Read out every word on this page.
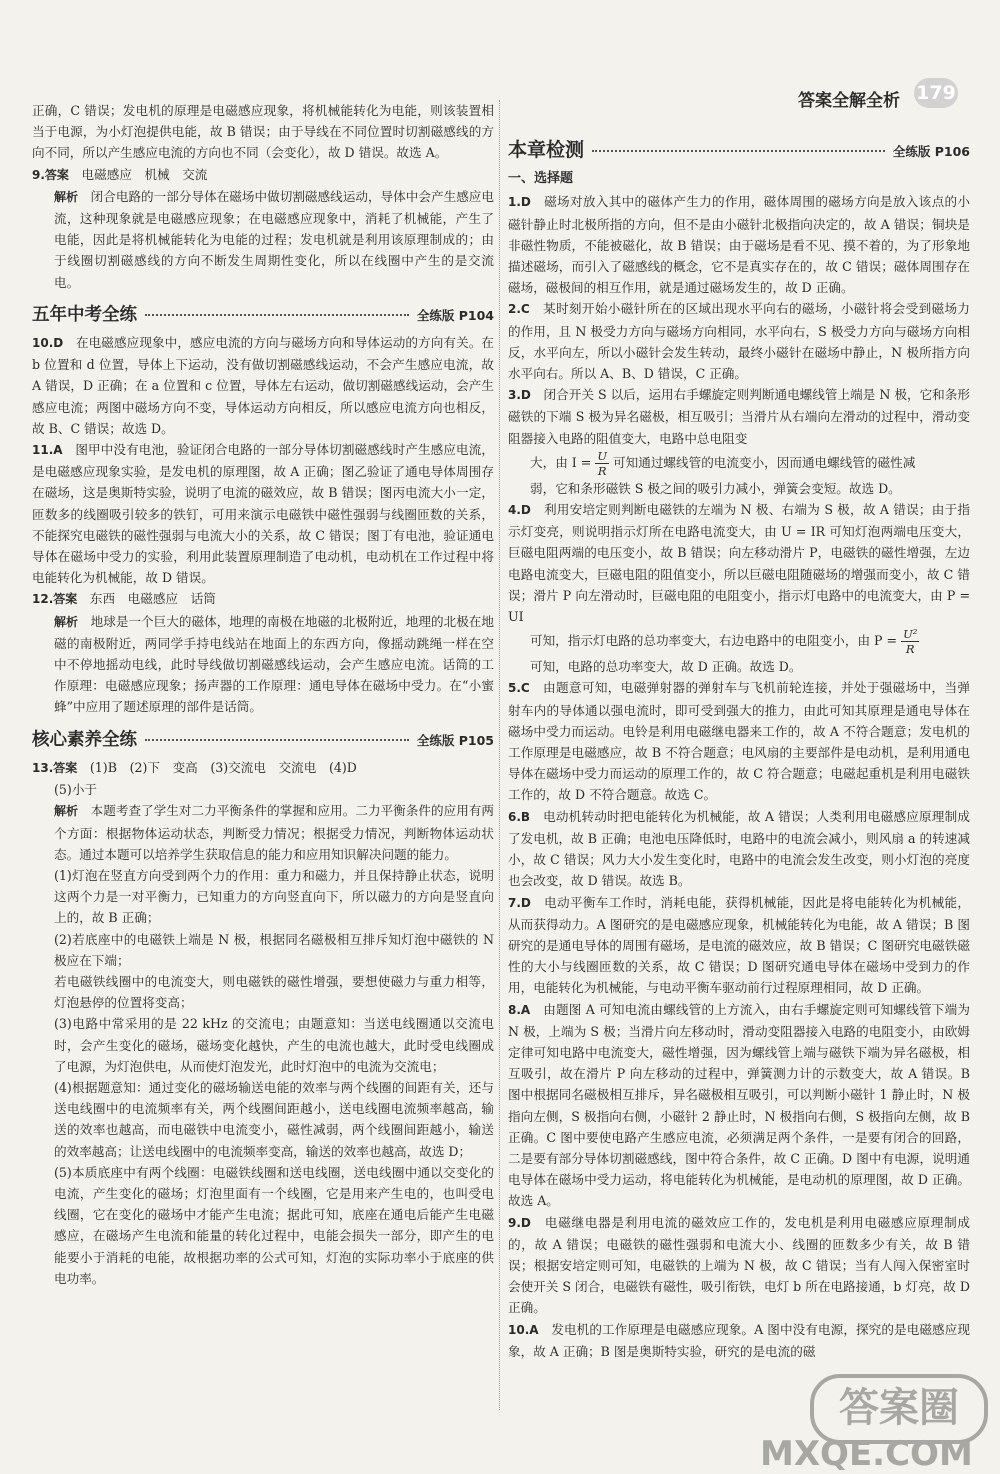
答案全解全析 179

正确，C 错误；发电机的原理是电磁感应现象，将机械能转化为电能，则该装置相当于电源，为小灯泡提供电能，故 B 错误；由于导线在不同位置时切割磁感线的方向不同，所以产生感应电流的方向也不同（会变化），故 D 错误。故选 A。

9.答案　 电磁感应　机械　交流

解析　 闭合电路的一部分导体在磁场中做切割磁感线运动，导体中会产生感应电流，这种现象就是电磁感应现象；在电磁感应现象中，消耗了机械能，产生了电能，因此是将机械能转化为电能的过程；发电机就是利用该原理制成的；由于线圈切割磁感线的方向不断发生周期性变化，所以在线圈中产生的是交流电。

五年中考全练	全练版 P104

10.D　 在电磁感应现象中，感应电流的方向与磁场方向和导体运动的方向有关。在 b 位置和 d 位置，导体上下运动，没有做切割磁感线运动，不会产生感应电流，故 A 错误，D 正确；在 a 位置和 c 位置，导体左右运动，做切割磁感线运动，会产生感应电流；两图中磁场方向不变，导体运动方向相反，所以感应电流方向也相反，故 B、C 错误；故选 D。

11.A　 图甲中没有电池，验证闭合电路的一部分导体切割磁感线时产生感应电流，是电磁感应现象实验，是发电机的原理图，故 A 正确；图乙验证了通电导体周围存在磁场，这是奥斯特实验，说明了电流的磁效应，故 B 错误；图丙电流大小一定，匝数多的线圈吸引较多的铁钉，可用来演示电磁铁中磁性强弱与线圈匝数的关系，不能探究电磁铁的磁性强弱与电流大小的关系，故 C 错误；图丁有电池，验证通电导体在磁场中受力的实验，利用此装置原理制造了电动机，电动机在工作过程中将电能转化为机械能，故 D 错误。

12.答案　 东西　电磁感应　话筒

解析　 地球是一个巨大的磁体，地理的南极在地磁的北极附近，地理的北极在地磁的南极附近，两同学手持电线站在地面上的东西方向，像摇动跳绳一样在空中不停地摇动电线，此时导线做切割磁感线运动，会产生感应电流。话筒的工作原理：电磁感应现象；扬声器的工作原理：通电导体在磁场中受力。在“小蜜蜂”中应用了题述原理的部件是话筒。

核心素养全练	全练版 P105

13.答案　 (1)B　(2)下　变高　(3)交流电　交流电　(4)D

(5)小于

解析　 本题考查了学生对二力平衡条件的掌握和应用。二力平衡条件的应用有两个方面：根据物体运动状态，判断受力情况；根据受力情况，判断物体运动状态。通过本题可以培养学生获取信息的能力和应用知识解决问题的能力。

(1)灯泡在竖直方向受到两个力的作用：重力和磁力，并且保持静止状态，说明这两个力是一对平衡力，已知重力的方向竖直向下，所以磁力的方向是竖直向上的，故 B 正确；

(2)若底座中的电磁铁上端是 N 极，根据同名磁极相互排斥知灯泡中磁铁的 N 极应在下端；

若电磁铁线圈中的电流变大，则电磁铁的磁性增强，要想使磁力与重力相等，灯泡悬停的位置将变高；

(3)电路中常采用的是 22 kHz 的交流电；由题意知：当送电线圈通以交流电时，会产生变化的磁场，磁场变化越快，产生的电流也越大，此时受电线圈成了电源，为灯泡供电，从而使灯泡发光，此时灯泡中的电流为交流电；

(4)根据题意知：通过变化的磁场输送电能的效率与两个线圈的间距有关，还与送电线圈中的电流频率有关，两个线圈间距越小，送电线圈电流频率越高，输送的效率也越高，而电磁铁中电流变小，磁性减弱，两个线圈间距越小，输送的效率越高；让送电线圈中的电流频率变高，输送的效率也越高，故选 D；

(5)本质底座中有两个线圈：电磁铁线圈和送电线圈，送电线圈中通以交变化的电流，产生变化的磁场；灯泡里面有一个线圈，它是用来产生电的，也叫受电线圈，它在变化的磁场中才能产生电流；据此可知，底座在通电后能产生电磁感应，在磁场产生电流和能量的转化过程中，电能会损失一部分，即产生的电能要小于消耗的电能，故根据功率的公式可知，灯泡的实际功率小于底座的供电功率。

本章检测	全练版 P106
一、选择题

1.D　 磁场对放入其中的磁体产生力的作用，磁体周围的磁场方向是放入该点的小磁针静止时北极所指的方向，但不是由小磁针北极指向决定的，故 A 错误；铜块是非磁性物质，不能被磁化，故 B 错误；由于磁场是看不见、摸不着的，为了形象地描述磁场，而引入了磁感线的概念，它不是真实存在的，故 C 错误；磁体周围存在磁场，磁极间的相互作用，就是通过磁场发生的，故 D 正确。

2.C　 某时刻开始小磁针所在的区域出现水平向右的磁场，小磁针将会受到磁场力的作用，且 N 极受力方向与磁场方向相同，水平向右，S 极受力方向与磁场方向相反，水平向左，所以小磁针会发生转动，最终小磁针在磁场中静止，N 极所指方向水平向右。所以 A、B、D 错误，C 正确。

3.D　 闭合开关 S 以后，运用右手螺旋定则判断通电螺线管上端是 N 极，它和条形磁铁的下端 S 极为异名磁极，相互吸引；当滑片从右端向左滑动的过程中，滑动变阻器接入电路的阻值变大，电路中总电阻变

大，由 $I = \frac{U}{R}$ 可知通过螺线管的电流变小，因而通电螺线管的磁性减

弱，它和条形磁铁 S 极之间的吸引力减小，弹簧会变短。故选 D。

4.D　 利用安培定则判断电磁铁的左端为 N 极、右端为 S 极，故 A 错误；由于指示灯变亮，则说明指示灯所在电路电流变大，由 U = IR 可知灯泡两端电压变大，巨磁电阻两端的电压变小，故 B 错误；向左移动滑片 P，电磁铁的磁性增强，左边电路电流变大，巨磁电阻的阻值变小，所以巨磁电阻随磁场的增强而变小，故 C 错误；滑片 P 向左滑动时，巨磁电阻的电阻变小，指示灯电路中的电流变大，由 P = UI

可知，指示灯电路的总功率变大，右边电路中的电阻变小，由 $P = \frac{\text{U²}}{R}$

可知，电路的总功率变大，故 D 正确。故选 D。

5.C　 由题意可知，电磁弹射器的弹射车与飞机前轮连接，并处于强磁场中，当弹射车内的导体通以强电流时，即可受到强大的推力，由此可知其原理是通电导体在磁场中受力而运动。电铃是利用电磁继电器来工作的，故 A 不符合题意；发电机的工作原理是电磁感应，故 B 不符合题意；电风扇的主要部件是电动机，是利用通电导体在磁场中受力而运动的原理工作的，故 C 符合题意；电磁起重机是利用电磁铁工作的，故 D 不符合题意。故选 C。

6.B　 电动机转动时把电能转化为机械能，故 A 错误；人类利用电磁感应原理制成了发电机，故 B 正确；电池电压降低时，电路中的电流会减小，则风扇 a 的转速减小，故 C 错误；风力大小发生变化时，电路中的电流会发生改变，则小灯泡的亮度也会改变，故 D 错误。故选 B。

7.D　 电动平衡车工作时，消耗电能，获得机械能，因此是将电能转化为机械能，从而获得动力。A 图研究的是电磁感应现象，机械能转化为电能，故 A 错误；B 图研究的是通电导体的周围有磁场，是电流的磁效应，故 B 错误；C 图研究电磁铁磁性的大小与线圈匝数的关系，故 C 错误；D 图研究通电导体在磁场中受到力的作用，电能转化为机械能，与电动平衡车驱动前行过程原理相同，故 D 正确。

8.A　 由题图 A 可知电流由螺线管的上方流入，由右手螺旋定则可知螺线管下端为 N 极，上端为 S 极；当滑片向左移动时，滑动变阻器接入电路的电阻变小，由欧姆定律可知电路中电流变大，磁性增强，因为螺线管上端与磁铁下端为异名磁极，相互吸引，故在滑片 P 向左移动的过程中，弹簧测力计的示数变大，故 A 错误。B 图中根据同名磁极相互排斥，异名磁极相互吸引，可以判断小磁针 1 静止时，N 极指向左侧，S 极指向右侧，小磁针 2 静止时，N 极指向右侧，S 极指向左侧，故 B 正确。C 图中要使电路产生感应电流，必须满足两个条件，一是要有闭合的回路，二是要有部分导体切割磁感线，图中符合条件，故 C 正确。D 图中有电源，说明通电导体在磁场中受力运动，将电能转化为机械能，是电动机的原理图，故 D 正确。故选 A。

9.D　 电磁继电器是利用电流的磁效应工作的，发电机是利用电磁感应原理制成的，故 A 错误；电磁铁的磁性强弱和电流大小、线圈的匝数多少有关，故 B 错误；根据安培定则可知，电磁铁的上端为 N 极，故 C 错误；当有人闯入保密室时会使开关 S 闭合，电磁铁有磁性，吸引衔铁，电灯 b 所在电路接通，b 灯亮，故 D 正确。

10.A　 发电机的工作原理是电磁感应现象。A 图中没有电源，探究的是电磁感应现象，故 A 正确；B 图是奥斯特实验，研究的是电流的磁

答案圈
MXQE.COM
